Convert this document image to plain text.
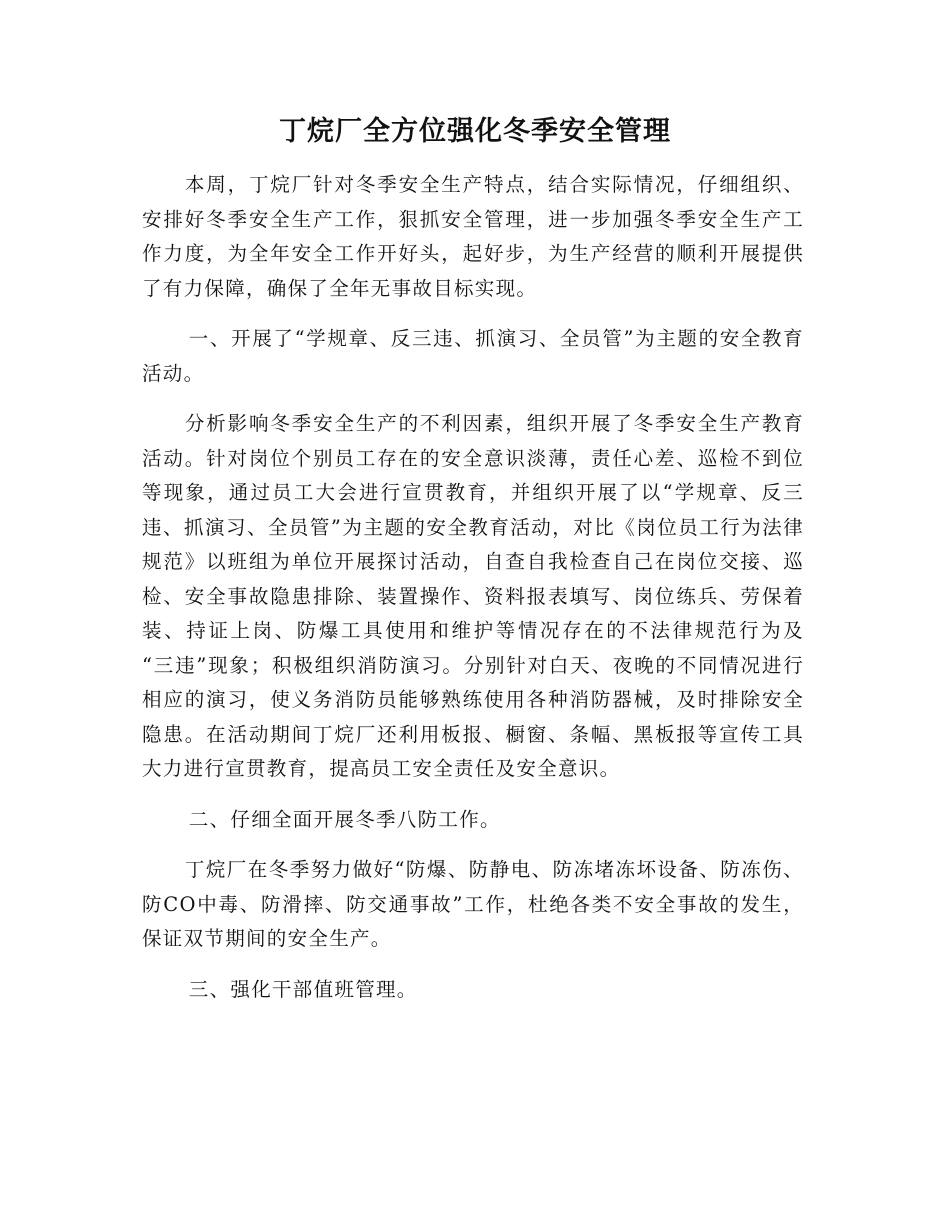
丁烷厂全方位强化冬季安全管理

本周，丁烷厂针对冬季安全生产特点，结合实际情况，仔细组织、安排好冬季安全生产工作，狠抓安全管理，进一步加强冬季安全生产工作力度，为全年安全工作开好头，起好步，为生产经营的顺利开展提供了有力保障，确保了全年无事故目标实现。

一、开展了“学规章、反三违、抓演习、全员管”为主题的安全教育活动。

分析影响冬季安全生产的不利因素，组织开展了冬季安全生产教育活动。针对岗位个别员工存在的安全意识淡薄，责任心差、巡检不到位等现象，通过员工大会进行宣贯教育，并组织开展了以“学规章、反三违、抓演习、全员管”为主题的安全教育活动，对比《岗位员工行为法律规范》以班组为单位开展探讨活动，自查自我检查自己在岗位交接、巡检、安全事故隐患排除、装置操作、资料报表填写、岗位练兵、劳保着装、持证上岗、防爆工具使用和维护等情况存在的不法律规范行为及 “三违”现象；积极组织消防演习。分别针对白天、夜晚的不同情况进行相应的演习，使义务消防员能够熟练使用各种消防器械，及时排除安全隐患。在活动期间丁烷厂还利用板报、橱窗、条幅、黑板报等宣传工具大力进行宣贯教育，提高员工安全责任及安全意识。

二、仔细全面开展冬季八防工作。

丁烷厂在冬季努力做好“防爆、防静电、防冻堵冻坏设备、防冻伤、防CO中毒、防滑摔、防交通事故”工作，杜绝各类不安全事故的发生，保证双节期间的安全生产。

三、强化干部值班管理。
